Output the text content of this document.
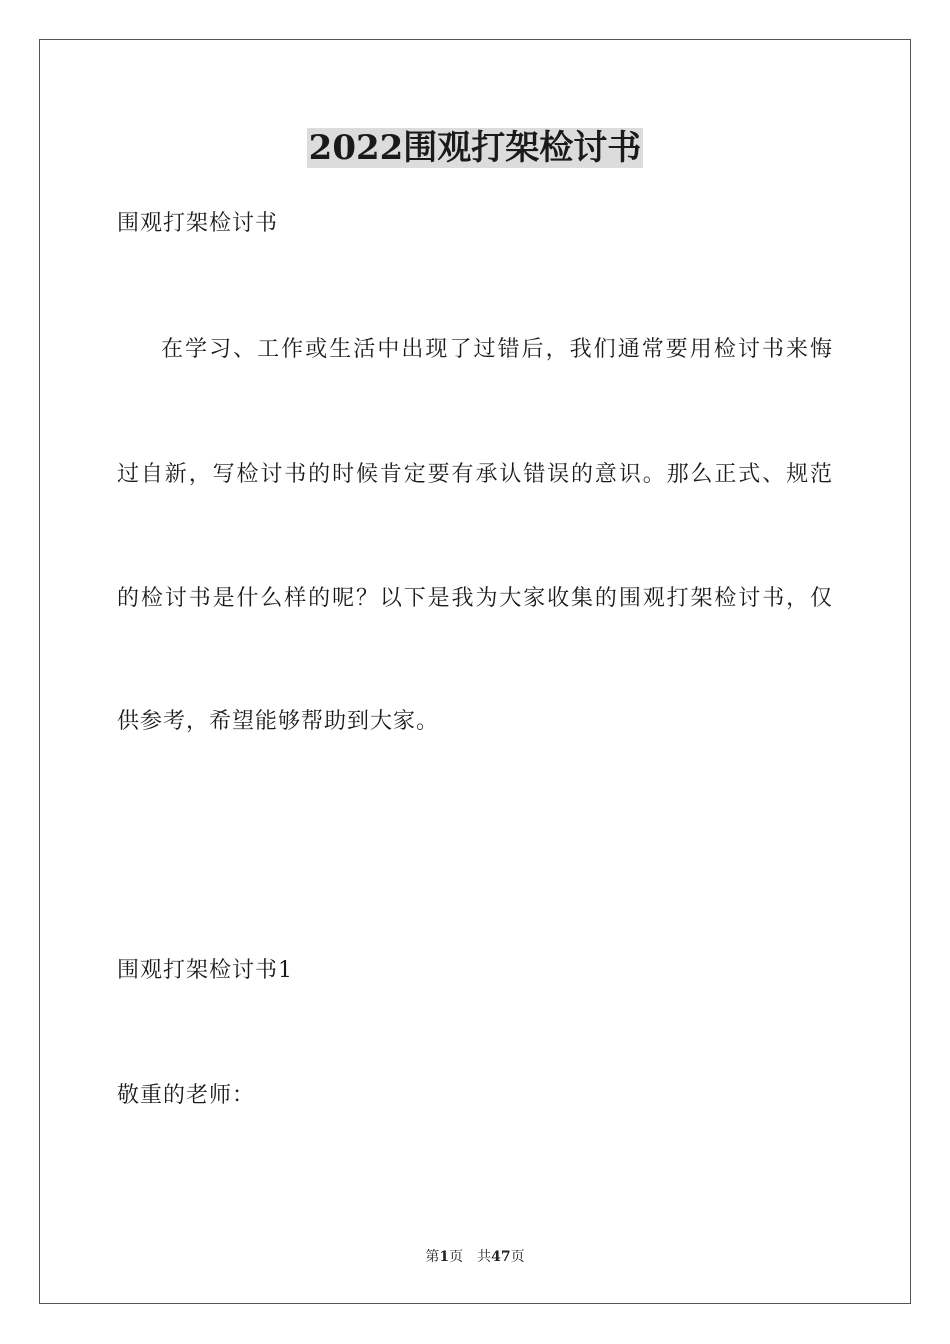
2022围观打架检讨书
围观打架检讨书
在学习、工作或生活中出现了过错后，我们通常要用检讨书来悔
过自新，写检讨书的时候肯定要有承认错误的意识。那么正式、规范
的检讨书是什么样的呢？以下是我为大家收集的围观打架检讨书，仅
供参考，希望能够帮助到大家。
围观打架检讨书1
敬重的老师：
第1页 共47页
